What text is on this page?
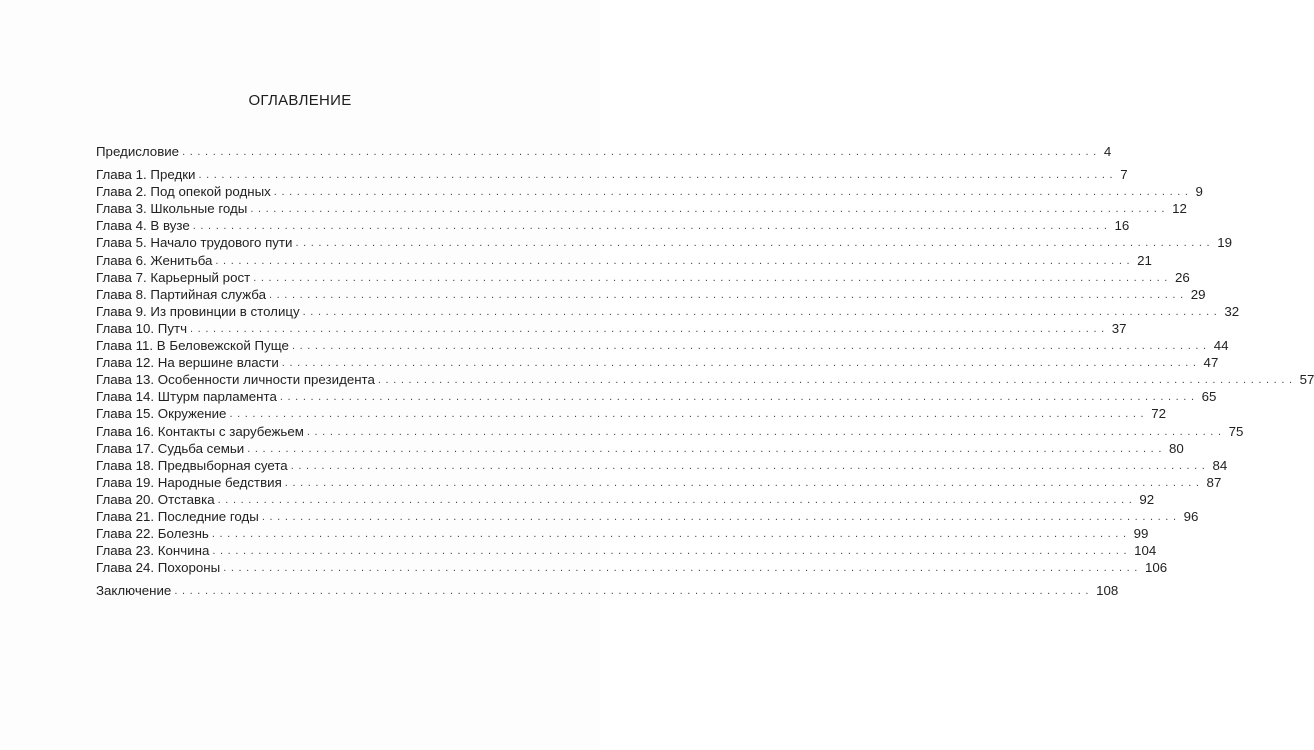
ОГЛАВЛЕНИЕ
Предисловие ........................................................................................................................ 4
Глава 1. Предки ........................................................................................................................ 7
Глава 2. Под опекой родных ........................................................................................................................ 9
Глава 3. Школьные годы ........................................................................................................................ 12
Глава 4. В вузе ........................................................................................................................ 16
Глава 5. Начало трудового пути ........................................................................................................................ 19
Глава 6. Женитьба ........................................................................................................................ 21
Глава 7. Карьерный рост ........................................................................................................................ 26
Глава 8. Партийная служба ........................................................................................................................ 29
Глава 9. Из провинции в столицу ........................................................................................................................ 32
Глава 10. Путч ........................................................................................................................ 37
Глава 11. В Беловежской Пуще ........................................................................................................................ 44
Глава 12. На вершине власти ........................................................................................................................ 47
Глава 13. Особенности личности президента ........................................................................................................................ 57
Глава 14. Штурм парламента ........................................................................................................................ 65
Глава 15. Окружение ........................................................................................................................ 72
Глава 16. Контакты с зарубежьем ........................................................................................................................ 75
Глава 17. Судьба семьи ........................................................................................................................ 80
Глава 18. Предвыборная суета ........................................................................................................................ 84
Глава 19. Народные бедствия ........................................................................................................................ 87
Глава 20. Отставка ........................................................................................................................ 92
Глава 21. Последние годы ........................................................................................................................ 96
Глава 22. Болезнь ........................................................................................................................ 99
Глава 23. Кончина ........................................................................................................................ 104
Глава 24. Похороны ........................................................................................................................ 106
Заключение ........................................................................................................................ 108
